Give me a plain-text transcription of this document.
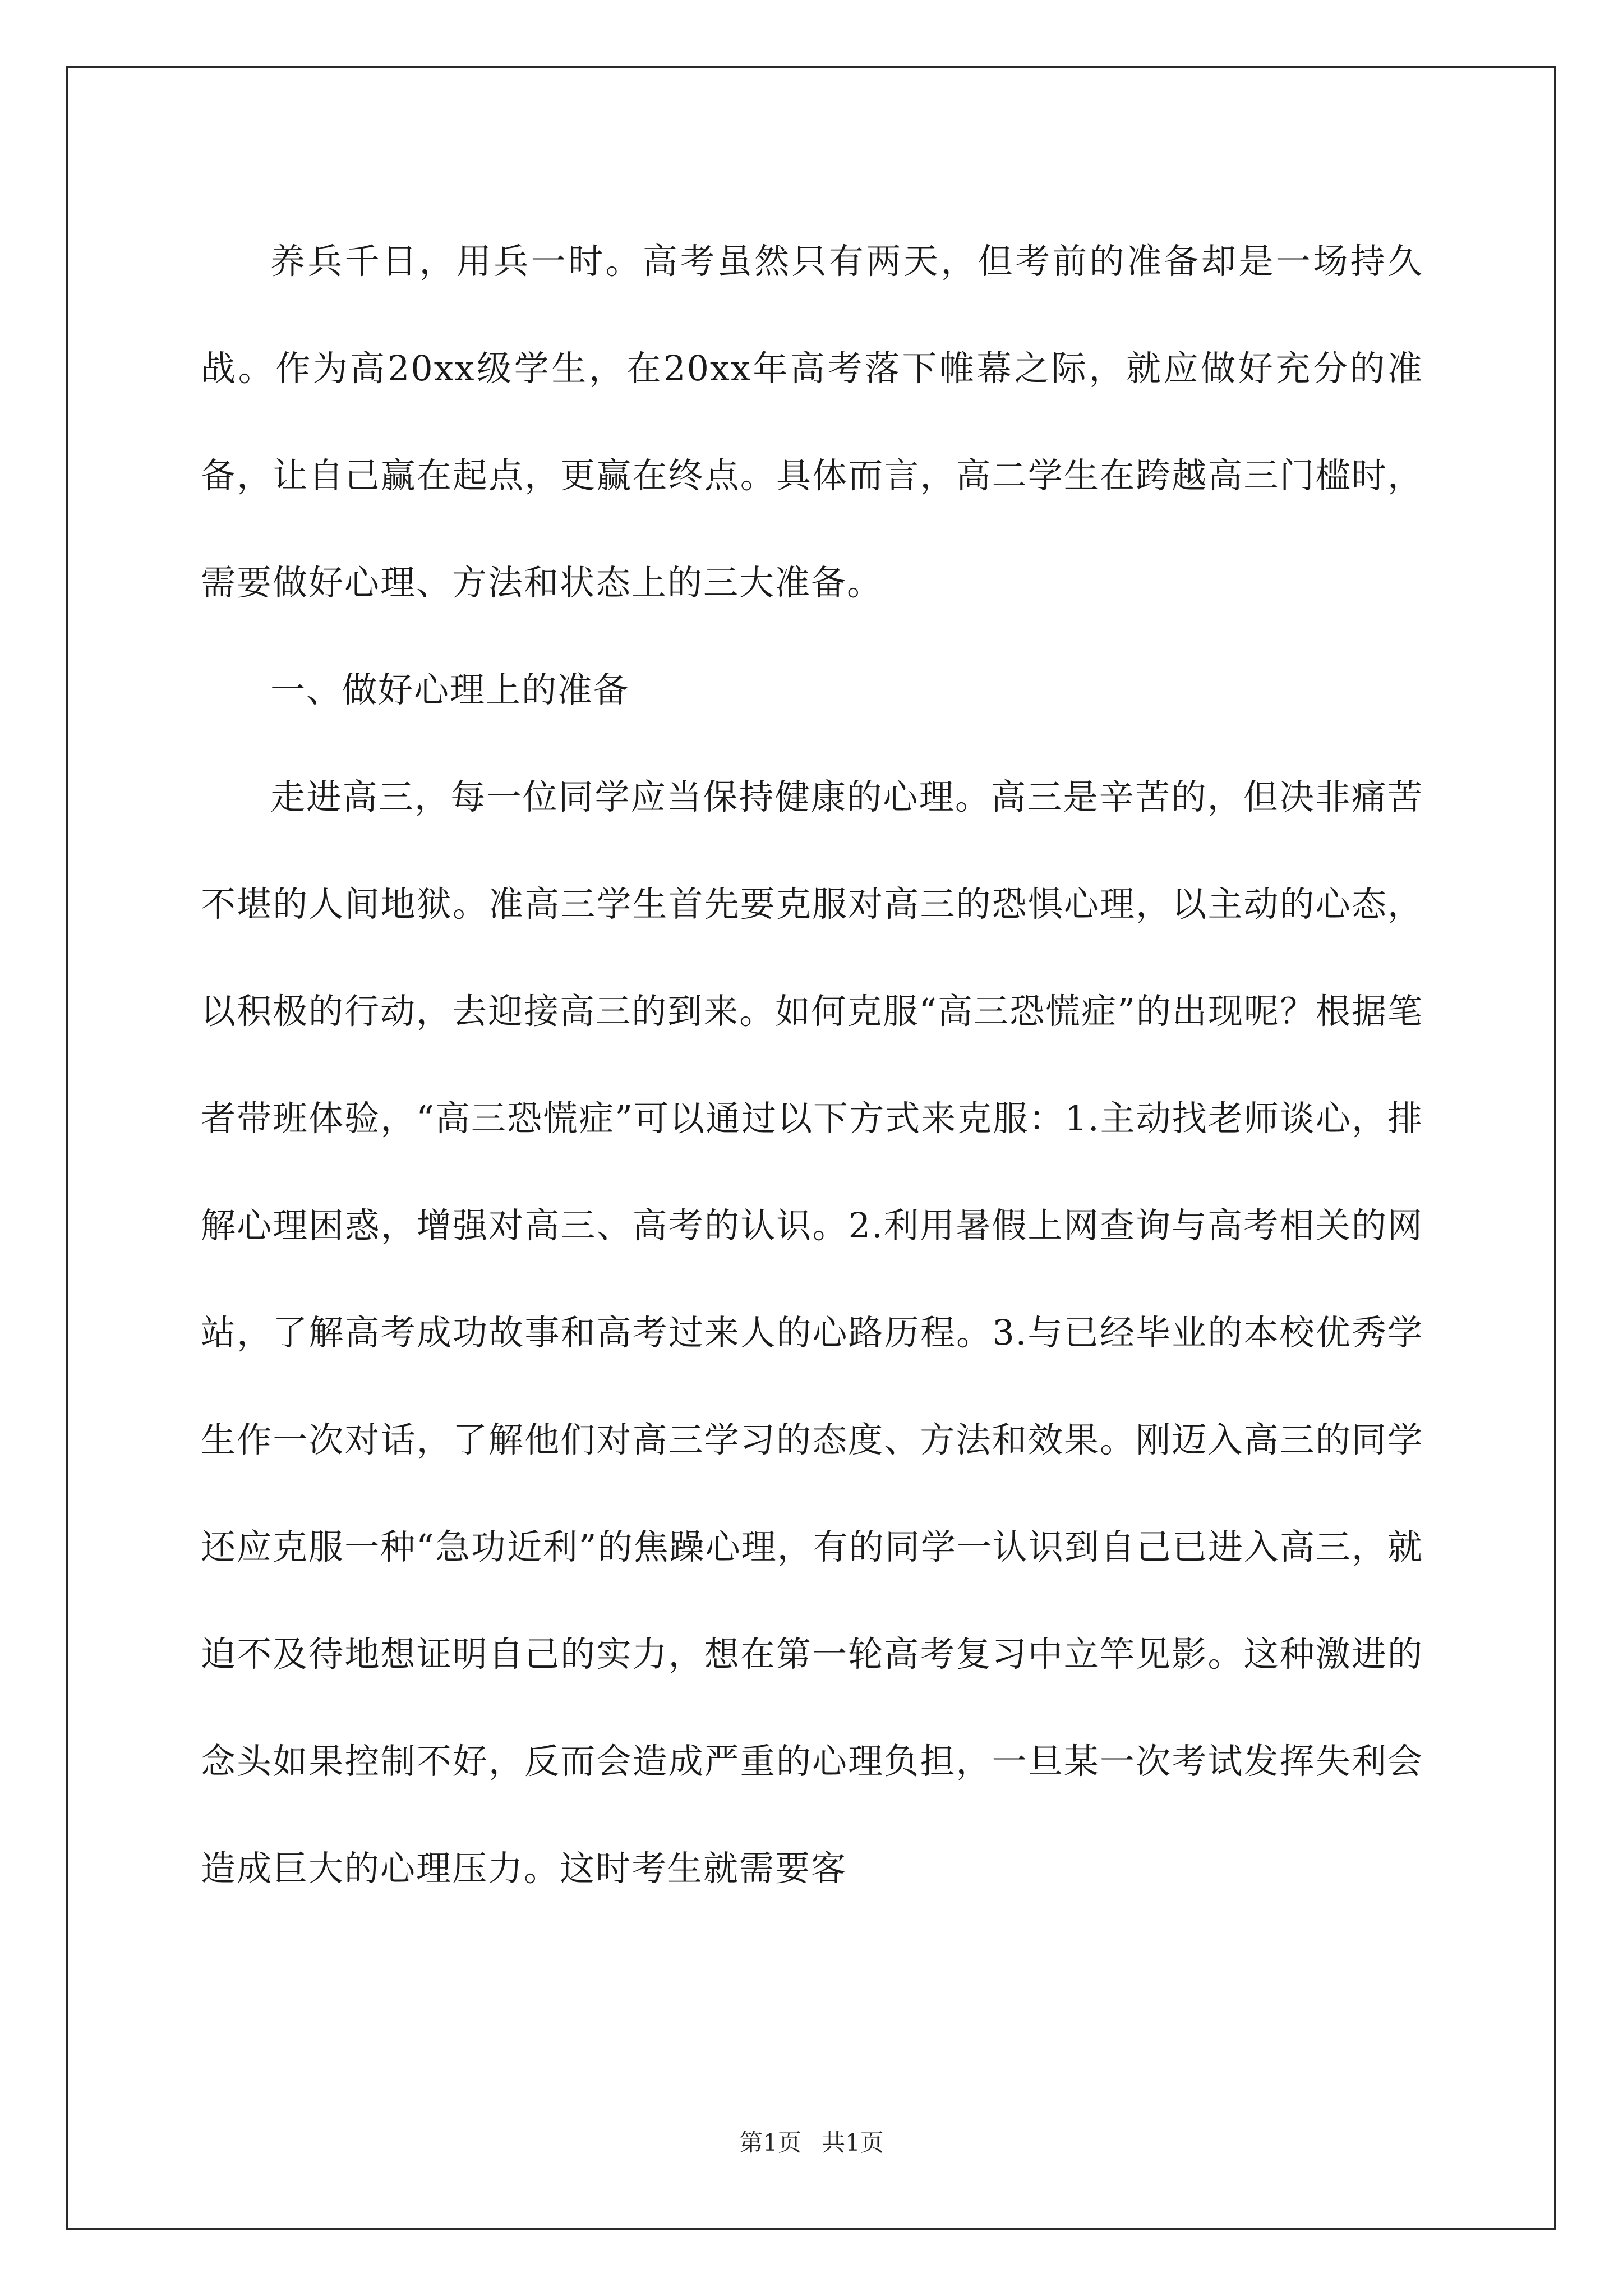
养兵千日，用兵一时。高考虽然只有两天，但考前的准备却是一场持久战。作为高20xx级学生，在20xx年高考落下帷幕之际，就应做好充分的准备，让自己赢在起点，更赢在终点。具体而言，高二学生在跨越高三门槛时，需要做好心理、方法和状态上的三大准备。

一、做好心理上的准备

走进高三，每一位同学应当保持健康的心理。高三是辛苦的，但决非痛苦不堪的人间地狱。准高三学生首先要克服对高三的恐惧心理，以主动的心态，以积极的行动，去迎接高三的到来。如何克服“高三恐慌症”的出现呢？根据笔者带班体验，“高三恐慌症”可以通过以下方式来克服：1.主动找老师谈心，排解心理困惑，增强对高三、高考的认识。2.利用暑假上网查询与高考相关的网站，了解高考成功故事和高考过来人的心路历程。3.与已经毕业的本校优秀学生作一次对话，了解他们对高三学习的态度、方法和效果。刚迈入高三的同学还应克服一种“急功近利”的焦躁心理，有的同学一认识到自己已进入高三，就迫不及待地想证明自己的实力，想在第一轮高考复习中立竿见影。这种激进的念头如果控制不好，反而会造成严重的心理负担，一旦某一次考试发挥失利会造成巨大的心理压力。这时考生就需要客

第1页 共1页
